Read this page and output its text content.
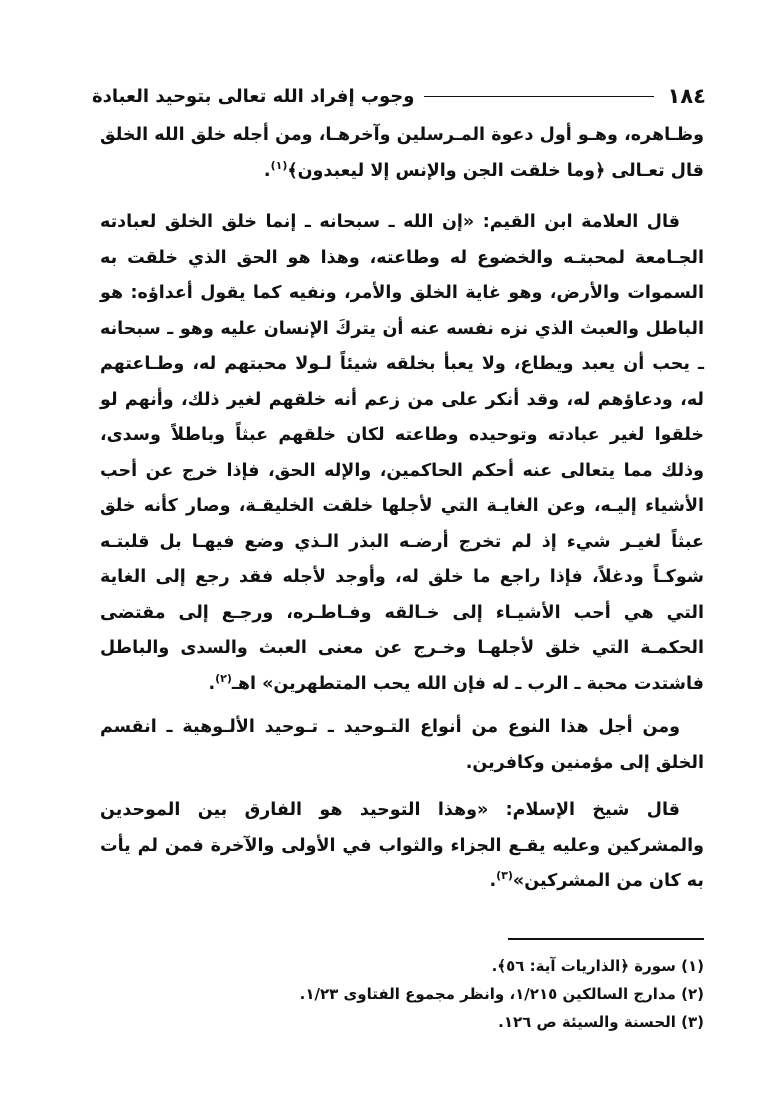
١٨٤
وجوب إفراد الله تعالى بتوحيد العبادة

وظـاهره، وهـو أول دعوة المـرسلين وآخرهـا، ومن أجله خلق الله الخلق قال تعـالى ﴿وما خلقت الجن والإنس إلا ليعبدون﴾$^{(١)}$.

قال العلامة ابن القيم: «إن الله ـ سبحانه ـ إنما خلق الخلق لعبادته الجـامعة لمحبتـه والخضوع له وطاعته، وهذا هو الحق الذي خلقت به السموات والأرض، وهو غاية الخلق والأمر، ونفيه كما يقول أعداؤه: هو الباطل والعبث الذي نزه نفسه عنه أن يتركَ الإنسان عليه وهو ـ سبحانه ـ يحب أن يعبد ويطاع، ولا يعبأ بخلقه شيئاً لـولا محبتهم له، وطـاعتهم له، ودعاؤهم له، وقد أنكر على من زعم أنه خلقهم لغير ذلك، وأنهم لو خلقوا لغير عبادته وتوحيده وطاعته لكان خلقهم عبثاً وباطلاً وسدى، وذلك مما يتعالى عنه أحكم الحاكمين، والإله الحق، فإذا خرج عن أحب الأشياء إليـه، وعن الغايـة التي لأجلها خلقت الخليقـة، وصار كأنه خلق عبثاً لغيـر شيء إذ لم تخرج أرضـه البذر الـذي وضع فيهـا بل قلبتـه شوكـاً ودغلاً، فإذا راجع ما خلق له، وأوجد لأجله فقد رجع إلى الغاية التي هي أحب الأشيـاء إلى خـالقه وفـاطـره، ورجـع إلى مقتضى الحكمـة التي خلق لأجلهـا وخـرج عن معنى العبث والسدى والباطل فاشتدت محبة ـ الرب ـ له فإن الله يحب المتطهرين» اهـ$^{(٢)}$.

ومن أجل هذا النوع من أنواع التـوحيد ـ تـوحيد الألـوهية ـ انقسم الخلق إلى مؤمنين وكافرين.

قال شيخ الإسلام: «وهذا التوحيد هو الفارق بين الموحدين والمشركين وعليه يقـع الجزاء والثواب في الأولى والآخرة فمن لم يأت به كان من المشركين»$^{(٣)}$.

(١) سورة ﴿الذاريات آية: ٥٦﴾.
(٢) مدارج السالكين ١/٢١٥، وانظر مجموع الفتاوى ١/٢٣.
(٣) الحسنة والسيئة ص ١٢٦.
